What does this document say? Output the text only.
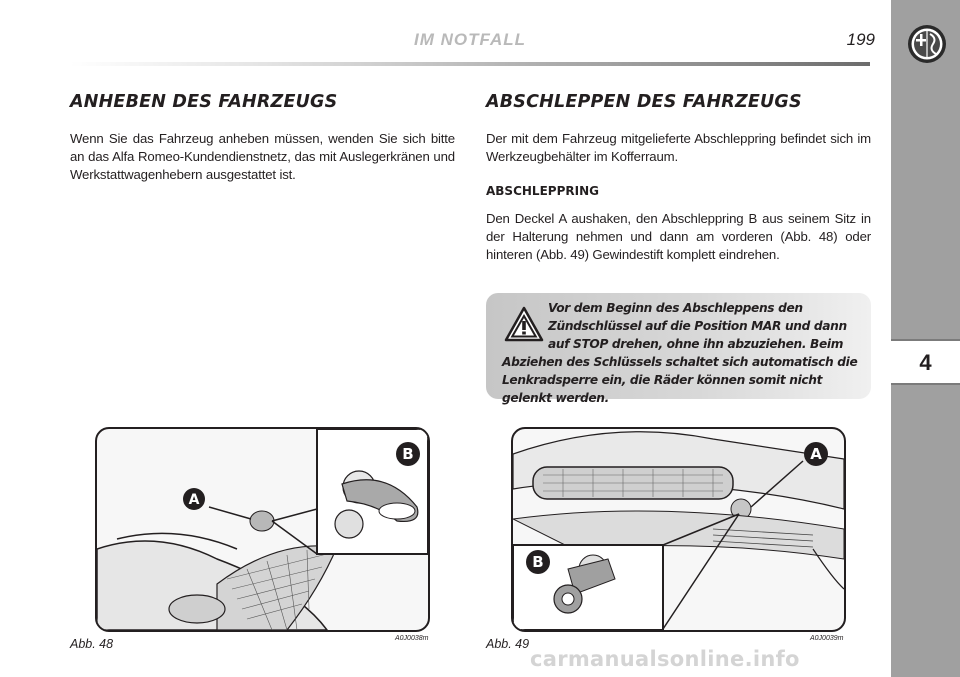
IM NOTFALL	199
4
ANHEBEN DES FAHRZEUGS

Wenn Sie das Fahrzeug anheben müssen, wenden Sie sich bitte an das Alfa Romeo-Kundendienstnetz, das mit Auslegerkränen und Werkstattwagenhebern ausgestattet ist.

ABSCHLEPPEN DES FAHRZEUGS

Der mit dem Fahrzeug mitgelieferte Abschleppring befindet sich im Werkzeugbehälter im Kofferraum.

ABSCHLEPPRING

Den Deckel A aushaken, den Abschleppring B aus seinem Sitz in der Halterung nehmen und dann am vorderen (Abb. 48) oder hinteren (Abb. 49) Gewindestift komplett eindrehen.

Vor dem Beginn des Abschleppens den Zündschlüssel auf die Position MAR und dann auf STOP drehen, ohne ihn abzuziehen. Beim Abziehen des Schlüssels schaltet sich automatisch die Lenkradsperre ein, die Räder können somit nicht gelenkt werden.

A
B
Abb. 48	A0J0038m
A
B
Abb. 49	A0J0039m
carmanualsonline.info
